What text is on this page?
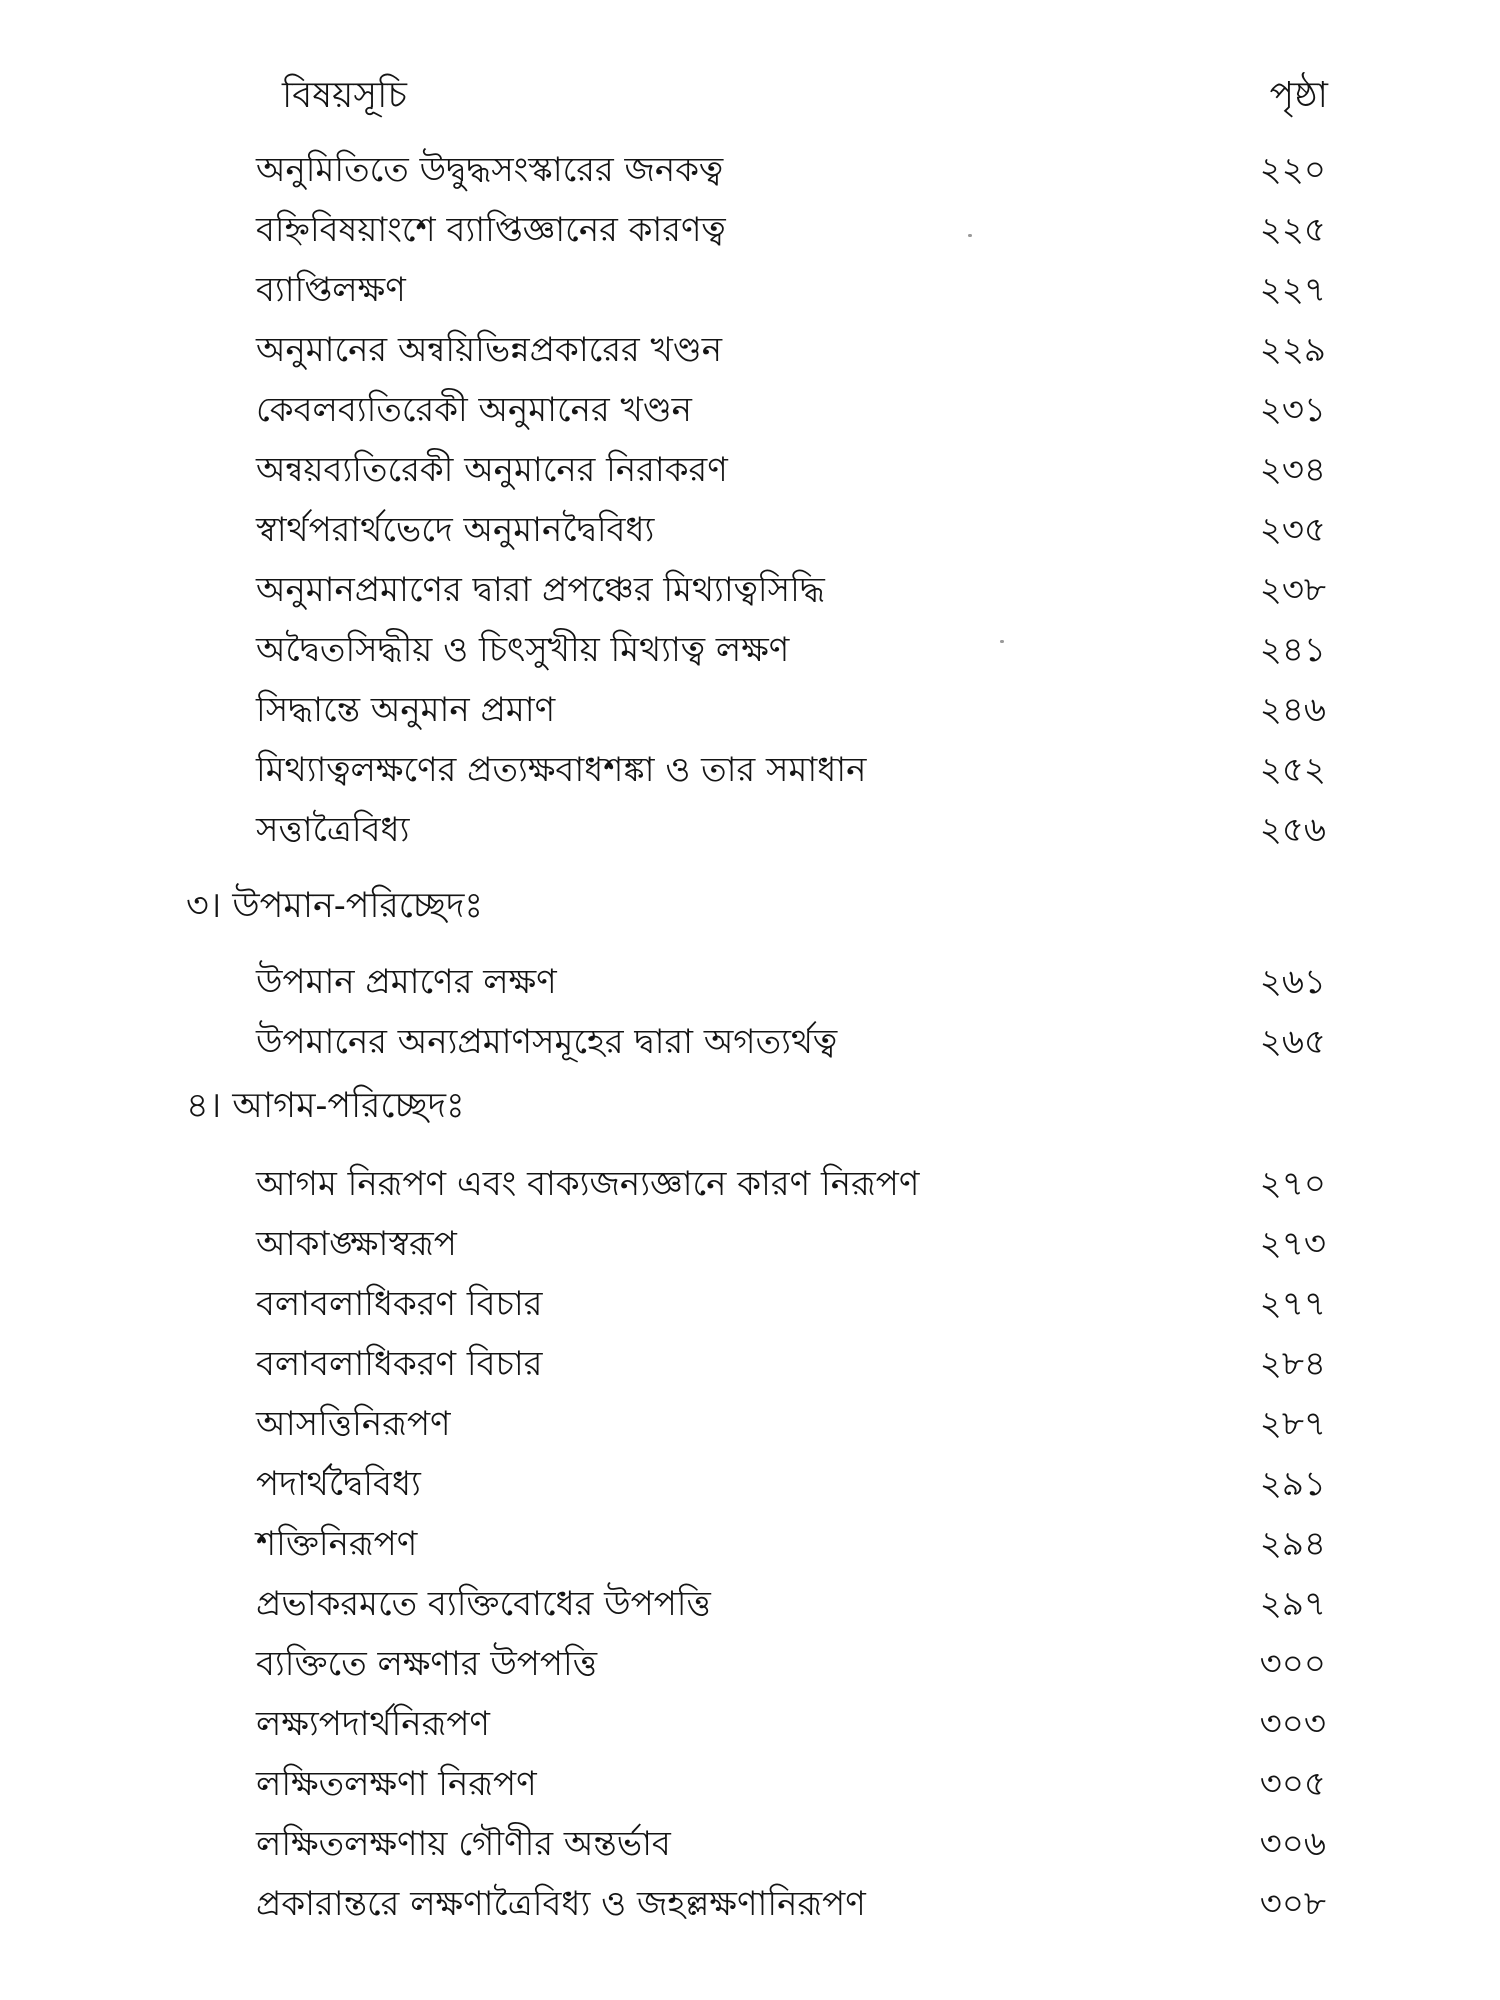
বিষয়সূচি	পৃষ্ঠা
অনুমিতিতে উদ্বুদ্ধসংস্কারের জনকত্ব	২২০
বহ্নিবিষয়াংশে ব্যাপ্তিজ্ঞানের কারণত্ব	২২৫
ব্যাপ্তিলক্ষণ	২২৭
অনুমানের অন্বয়িভিন্নপ্রকারের খণ্ডন	২২৯
কেবলব্যতিরেকী অনুমানের খণ্ডন	২৩১
অন্বয়ব্যতিরেকী অনুমানের নিরাকরণ	২৩৪
স্বার্থপরার্থভেদে অনুমানদ্বৈবিধ্য	২৩৫
অনুমানপ্রমাণের দ্বারা প্রপঞ্চের মিথ্যাত্বসিদ্ধি	২৩৮
অদ্বৈতসিদ্ধীয় ও চিৎসুখীয় মিথ্যাত্ব লক্ষণ	২৪১
সিদ্ধান্তে অনুমান প্রমাণ	২৪৬
মিথ্যাত্বলক্ষণের প্রত্যক্ষবাধশঙ্কা ও তার সমাধান	২৫২
সত্তাত্রৈবিধ্য	২৫৬
৩। উপমান-পরিচ্ছেদঃ
উপমান প্রমাণের লক্ষণ	২৬১
উপমানের অন্যপ্রমাণসমূহের দ্বারা অগত্যর্থত্ব	২৬৫
৪। আগম-পরিচ্ছেদঃ
আগম নিরূপণ এবং বাক্যজন্যজ্ঞানে কারণ নিরূপণ	২৭০
আকাঙ্ক্ষাস্বরূপ	২৭৩
বলাবলাধিকরণ বিচার	২৭৭
বলাবলাধিকরণ বিচার	২৮৪
আসত্তিনিরূপণ	২৮৭
পদার্থদ্বৈবিধ্য	২৯১
শক্তিনিরূপণ	২৯৪
প্রভাকরমতে ব্যক্তিবোধের উপপত্তি	২৯৭
ব্যক্তিতে লক্ষণার উপপত্তি	৩০০
লক্ষ্যপদার্থনিরূপণ	৩০৩
লক্ষিতলক্ষণা নিরূপণ	৩০৫
লক্ষিতলক্ষণায় গৌণীর অন্তর্ভাব	৩০৬
প্রকারান্তরে লক্ষণাত্রৈবিধ্য ও জহল্লক্ষণানিরূপণ	৩০৮
